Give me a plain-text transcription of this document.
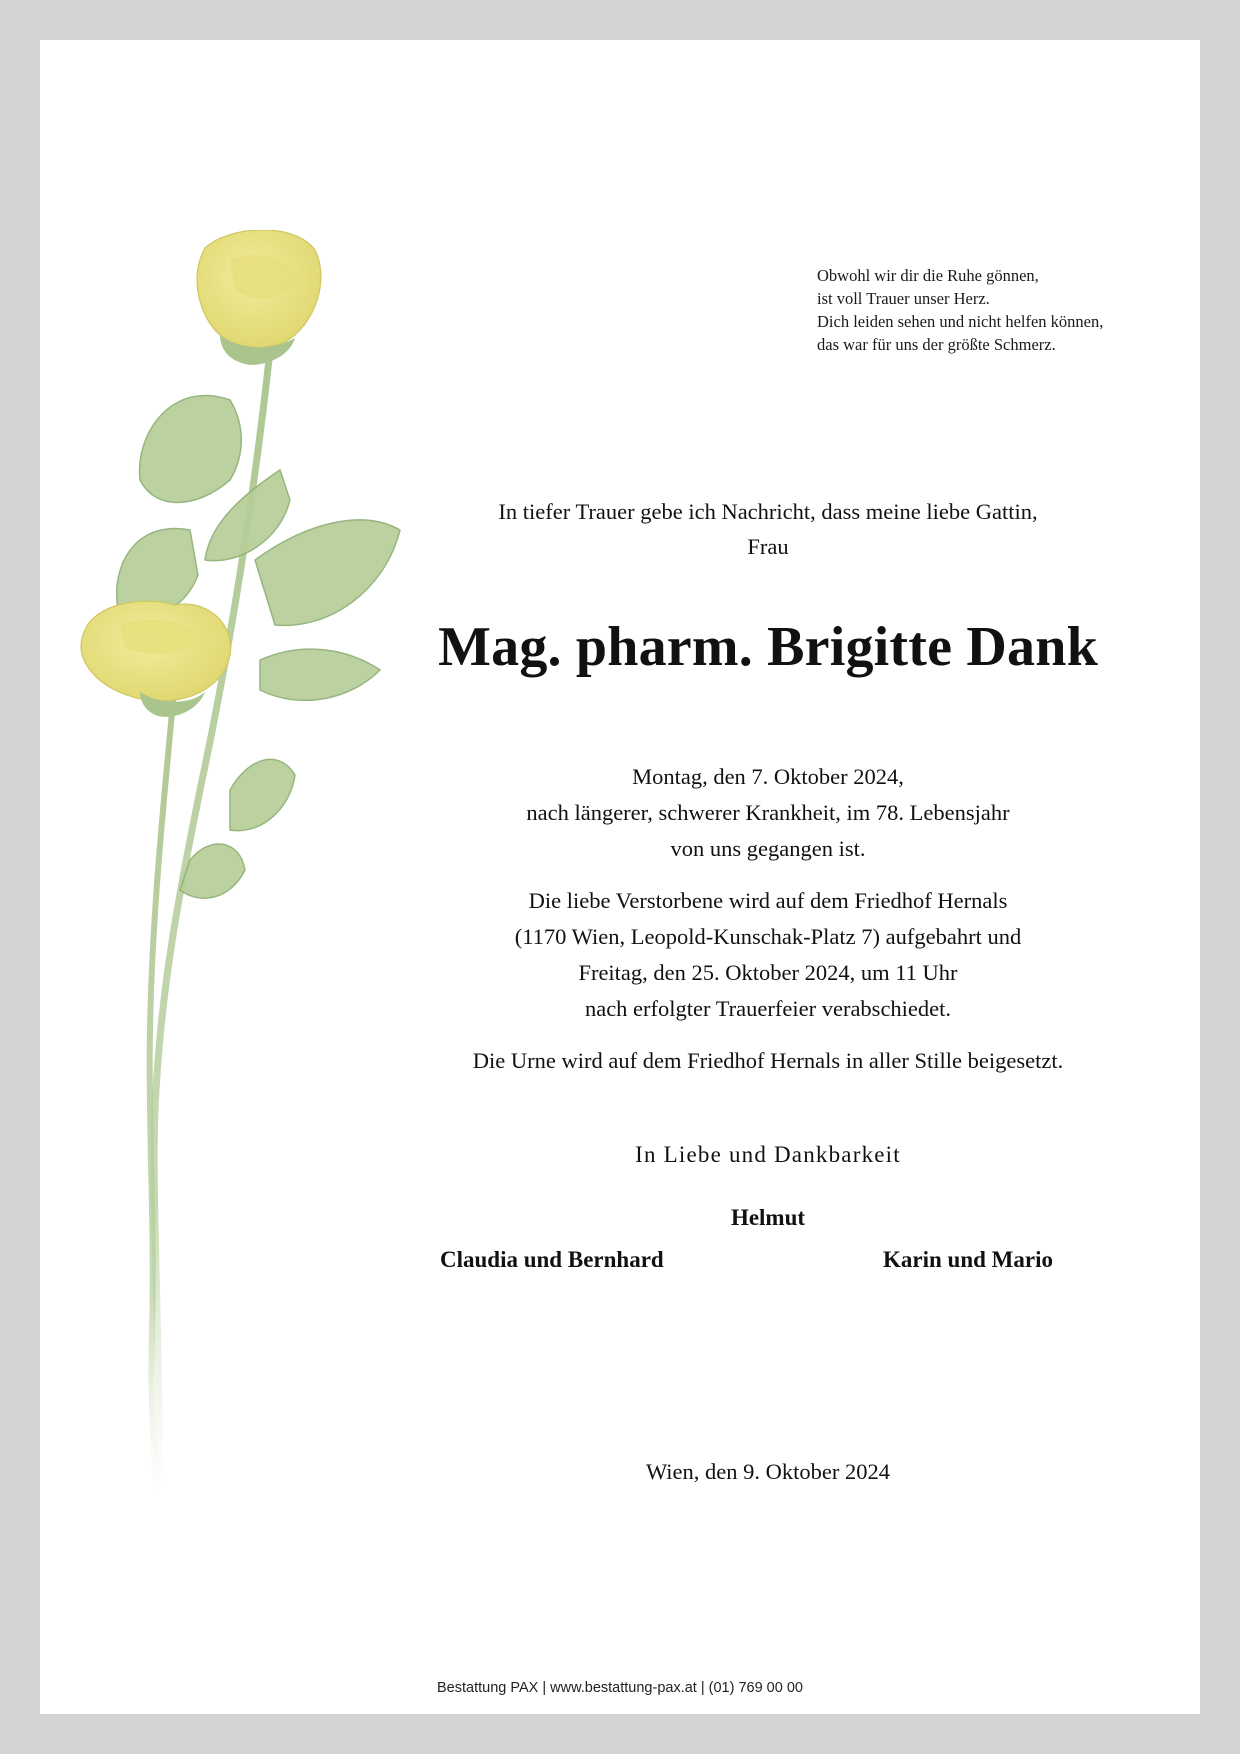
Obwohl wir dir die Ruhe gönnen,
ist voll Trauer unser Herz.
Dich leiden sehen und nicht helfen können,
das war für uns der größte Schmerz.
In tiefer Trauer gebe ich Nachricht, dass meine liebe Gattin,
Frau
Mag. pharm. Brigitte Dank

Montag, den 7. Oktober 2024,
nach längerer, schwerer Krankheit, im 78. Lebensjahr
von uns gegangen ist.

Die liebe Verstorbene wird auf dem Friedhof Hernals
(1170 Wien, Leopold-Kunschak-Platz 7) aufgebahrt und
Freitag, den 25. Oktober 2024, um 11 Uhr
nach erfolgter Trauerfeier verabschiedet.

Die Urne wird auf dem Friedhof Hernals in aller Stille beigesetzt.

In Liebe und Dankbarkeit
Helmut
Claudia und Bernhard	Karin und Mario
Wien, den 9. Oktober 2024
Bestattung PAX | www.bestattung-pax.at | (01) 769 00 00
